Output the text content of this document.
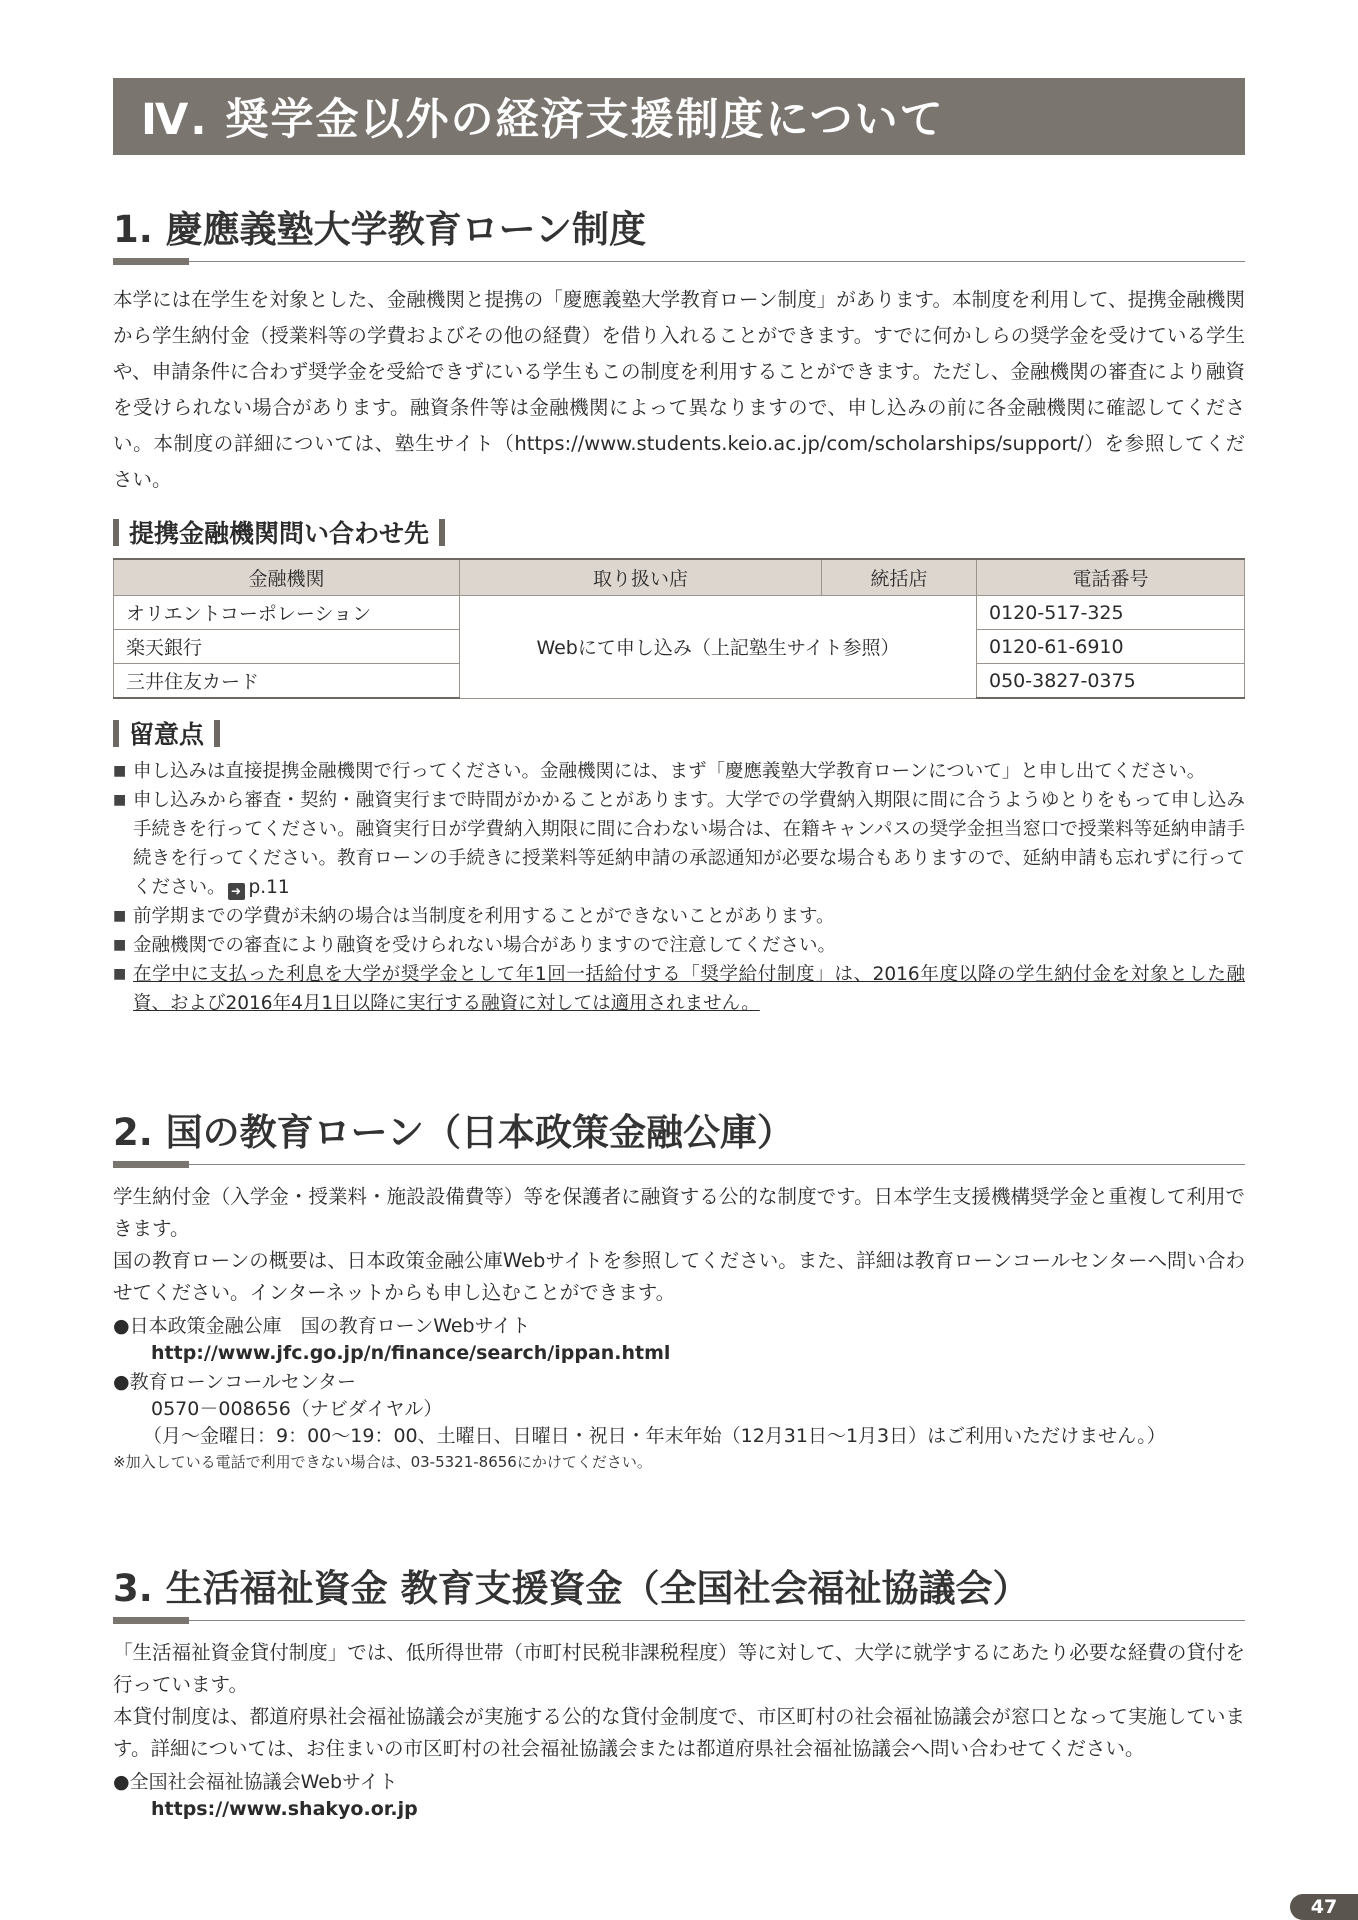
Ⅳ. 奨学金以外の経済支援制度について
1. 慶應義塾大学教育ローン制度

本学には在学生を対象とした、金融機関と提携の「慶應義塾大学教育ローン制度」があります。本制度を利用して、提携金融機関から学生納付金（授業料等の学費およびその他の経費）を借り入れることができます。すでに何かしらの奨学金を受けている学生や、申請条件に合わず奨学金を受給できずにいる学生もこの制度を利用することができます。ただし、金融機関の審査により融資を受けられない場合があります。融資条件等は金融機関によって異なりますので、申し込みの前に各金融機関に確認してください。本制度の詳細については、塾生サイト（https://www.students.keio.ac.jp/com/scholarships/support/）を参照してください。

提携金融機関問い合わせ先
金融機関	取り扱い店	統括店	電話番号
オリエントコーポレーション	Webにて申し込み（上記塾生サイト参照）		0120-517-325
楽天銀行			0120-61-6910
三井住友カード			050-3827-0375
留意点
■ 申し込みは直接提携金融機関で行ってください。金融機関には、まず「慶應義塾大学教育ローンについて」と申し出てください。
■ 申し込みから審査・契約・融資実行まで時間がかかることがあります。大学での学費納入期限に間に合うようゆとりをもって申し込み手続きを行ってください。融資実行日が学費納入期限に間に合わない場合は、在籍キャンパスの奨学金担当窓口で授業料等延納申請手続きを行ってください。教育ローンの手続きに授業料等延納申請の承認通知が必要な場合もありますので、延納申請も忘れずに行ってください。 ➜ p.11
■ 前学期までの学費が未納の場合は当制度を利用することができないことがあります。
■ 金融機関での審査により融資を受けられない場合がありますので注意してください。
■ 在学中に支払った利息を大学が奨学金として年1回一括給付する「奨学給付制度」は、2016年度以降の学生納付金を対象とした融資、および2016年4月1日以降に実行する融資に対しては適用されません。
2. 国の教育ローン（日本政策金融公庫）

学生納付金（入学金・授業料・施設設備費等）等を保護者に融資する公的な制度です。日本学生支援機構奨学金と重複して利用できます。

国の教育ローンの概要は、日本政策金融公庫Webサイトを参照してください。また、詳細は教育ローンコールセンターへ問い合わせてください。インターネットからも申し込むことができます。

●日本政策金融公庫　国の教育ローンWebサイト
http://www.jfc.go.jp/n/finance/search/ippan.html
●教育ローンコールセンター
0570－008656（ナビダイヤル）
（月～金曜日：9：00～19：00、土曜日、日曜日・祝日・年末年始（12月31日～1月3日）はご利用いただけません。）
※加入している電話で利用できない場合は、03-5321-8656にかけてください。
3. 生活福祉資金 教育支援資金（全国社会福祉協議会）

「生活福祉資金貸付制度」では、低所得世帯（市町村民税非課税程度）等に対して、大学に就学するにあたり必要な経費の貸付を行っています。

本貸付制度は、都道府県社会福祉協議会が実施する公的な貸付金制度で、市区町村の社会福祉協議会が窓口となって実施しています。詳細については、お住まいの市区町村の社会福祉協議会または都道府県社会福祉協議会へ問い合わせてください。

●全国社会福祉協議会Webサイト
https://www.shakyo.or.jp
47
